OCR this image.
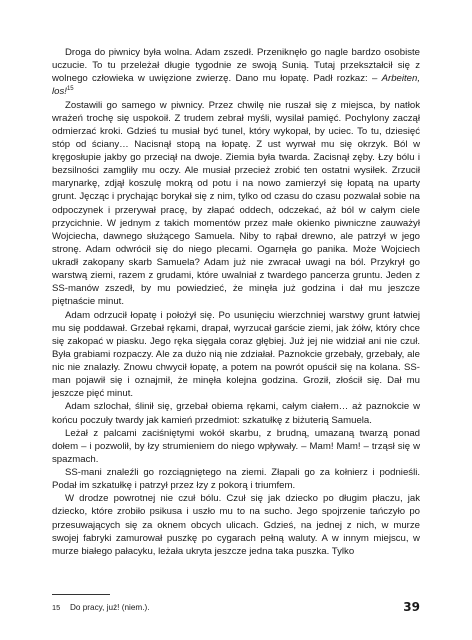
Droga do piwnicy była wolna. Adam zszedł. Przeniknęło go nagle bardzo osobiste uczucie. To tu przeleżał długie tygodnie ze swoją Sunią. Tutaj przekształcił się z wolnego człowieka w uwięzione zwierzę. Dano mu łopatę. Padł rozkaz: – Arbeiten, los!$^{15}$

Zostawili go samego w piwnicy. Przez chwilę nie ruszał się z miejsca, by natłok wrażeń trochę się uspokoił. Z trudem zebrał myśli, wysilał pamięć. Pochylony zaczął odmierzać kroki. Gdzieś tu musiał być tunel, który wykopał, by uciec. To tu, dziesięć stóp od ściany… Nacisnął stopą na łopatę. Z ust wyrwał mu się okrzyk. Ból w kręgosłupie jakby go przeciął na dwoje. Ziemia była twarda. Zacisnął zęby. Łzy bólu i bezsilności zamgliły mu oczy. Ale musiał przecież zrobić ten ostatni wysiłek. Zrzucił marynarkę, zdjął koszulę mokrą od potu i na nowo zamierzył się łopatą na uparty grunt. Jęcząc i prychając borykał się z nim, tylko od czasu do czasu pozwalał sobie na odpoczynek i przerywał pracę, by złapać oddech, odczekać, aż ból w całym ciele przycichnie. W jednym z takich momentów przez małe okienko piwniczne zauważył Wojciecha, dawnego służącego Samuela. Niby to rąbał drewno, ale patrzył w jego stronę. Adam odwrócił się do niego plecami. Ogarnęła go panika. Może Wojciech ukradł zakopany skarb Samuela? Adam już nie zwracał uwagi na ból. Przykrył go warstwą ziemi, razem z grudami, które uwalniał z twardego pancerza gruntu. Jeden z SS-manów zszedł, by mu powiedzieć, że minęła już godzina i dał mu jeszcze piętnaście minut.

Adam odrzucił łopatę i położył się. Po usunięciu wierzchniej warstwy grunt łatwiej mu się poddawał. Grzebał rękami, drapał, wyrzucał garście ziemi, jak żółw, który chce się zakopać w piasku. Jego ręka sięgała coraz głębiej. Już jej nie widział ani nie czuł. Była grabiami rozpaczy. Ale za dużo nią nie zdziałał. Paznokcie grzebały, grzebały, ale nic nie znalazły. Znowu chwycił łopatę, a potem na powrót opuścił się na kolana. SS-man pojawił się i oznajmił, że minęła kolejna godzina. Groził, złościł się. Dał mu jeszcze pięć minut.

Adam szlochał, ślinił się, grzebał obiema rękami, całym ciałem… aż paznokcie w końcu poczuły twardy jak kamień przedmiot: szkatułkę z biżuterią Samuela.

Leżał z palcami zaciśniętymi wokół skarbu, z brudną, umazaną twarzą ponad dołem – i pozwolił, by łzy strumieniem do niego wpływały. – Mam! Mam! – trząsł się w spazmach.

SS-mani znaleźli go rozciągniętego na ziemi. Złapali go za kołnierz i podnieśli. Podał im szkatułkę i patrzył przez łzy z pokorą i triumfem.

W drodze powrotnej nie czuł bólu. Czuł się jak dziecko po długim płaczu, jak dziecko, które zrobiło psikusa i uszło mu to na sucho. Jego spojrzenie tańczyło po przesuwających się za oknem obcych ulicach. Gdzieś, na jednej z nich, w murze swojej fabryki zamurował puszkę po cygarach pełną waluty. A w innym miejscu, w murze białego pałacyku, leżała ukryta jeszcze jedna taka puszka. Tylko

15 Do pracy, już! (niem.).	39
